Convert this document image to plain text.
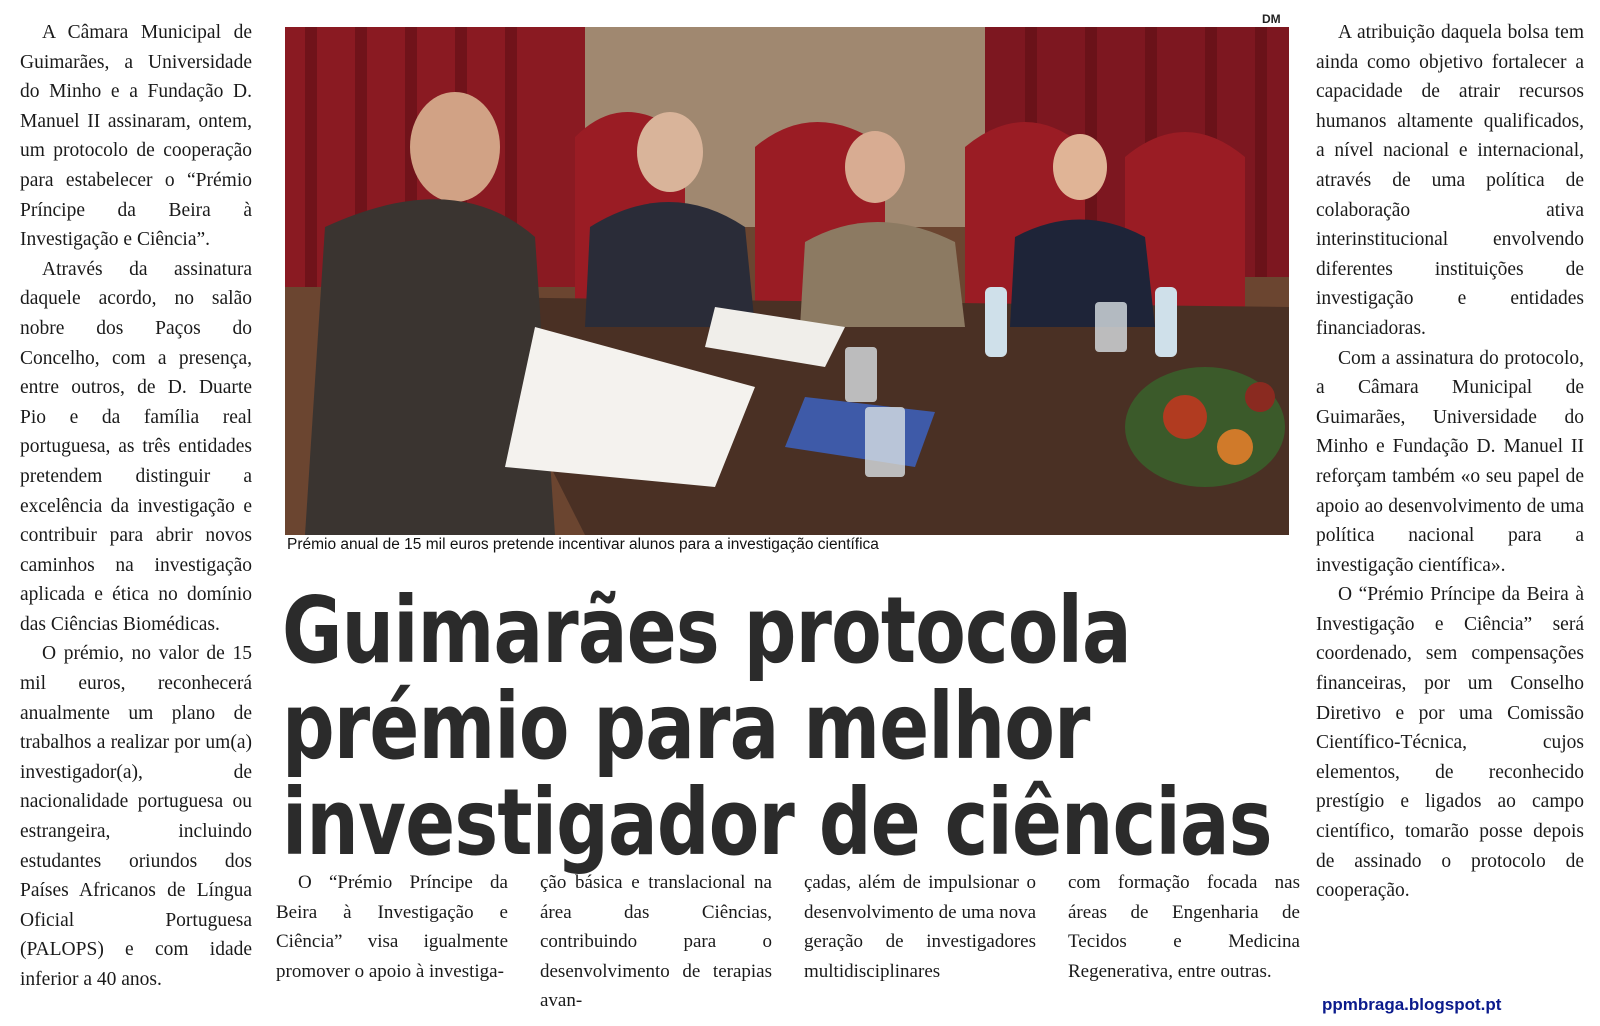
A Câmara Municipal de Guimarães, a Universidade do Minho e a Fundação D. Manuel II assinaram, ontem, um protocolo de cooperação para estabelecer o “Prémio Príncipe da Beira à Investigação e Ciência”.

Através da assinatura daquele acordo, no salão nobre dos Paços do Concelho, com a presença, entre outros, de D. Duarte Pio e da família real portuguesa, as três entidades pretendem distinguir a excelência da investigação e contribuir para abrir novos caminhos na investigação aplicada e ética no domínio das Ciências Biomédicas.

O prémio, no valor de 15 mil euros, reconhecerá anualmente um plano de trabalhos a realizar por um(a) investigador(a), de nacionalidade portuguesa ou estrangeira, incluindo estudantes oriundos dos Países Africanos de Língua Oficial Portuguesa (PALOPS) e com idade inferior a 40 anos.

DM
Prémio anual de 15 mil euros pretende incentivar alunos para a investigação científica
Guimarães protocola
prémio para melhor
investigador de ciências

O “Prémio Príncipe da Beira à Investigação e Ciência” visa igualmente promover o apoio à investiga-

ção básica e translacional na área das Ciências, contribuindo para o desenvolvimento de terapias avan-

çadas, além de impulsionar o desenvolvimento de uma nova geração de investigadores multidisciplinares

com formação focada nas áreas de Engenharia de Tecidos e Medicina Regenerativa, entre outras.

A atribuição daquela bolsa tem ainda como objetivo fortalecer a capacidade de atrair recursos humanos altamente qualificados, a nível nacional e internacional, através de uma política de colaboração ativa interinstitucional envolvendo diferentes instituições de investigação e entidades financiadoras.

Com a assinatura do protocolo, a Câmara Municipal de Guimarães, Universidade do Minho e Fundação D. Manuel II reforçam também «o seu papel de apoio ao desenvolvimento de uma política nacional para a investigação científica».

O “Prémio Príncipe da Beira à Investigação e Ciência” será coordenado, sem compensações financeiras, por um Conselho Diretivo e por uma Comissão Científico-Técnica, cujos elementos, de reconhecido prestígio e ligados ao campo científico, tomarão posse depois de assinado o protocolo de cooperação.

ppmbraga.blogspot.pt
